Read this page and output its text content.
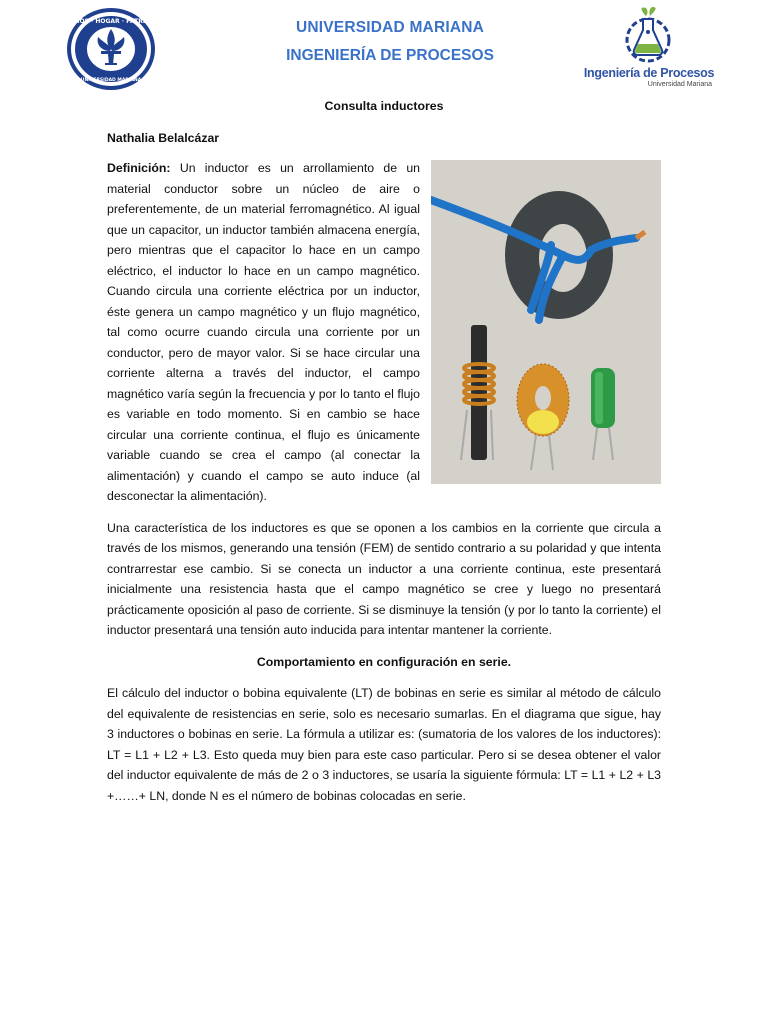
DIOS · HOGAR · PATRIA
UNIVERSIDAD MARIANA
UNIVERSIDAD MARIANA
INGENIERÍA DE PROCESOS
Ingeniería de Procesos
Universidad Mariana

Consulta inductores

Nathalia Belalcázar

Definición: Un inductor es un arrollamiento de un material conductor sobre un núcleo de aire o preferentemente, de un material ferromagnético. Al igual que un capacitor, un inductor también almacena energía, pero mientras que el capacitor lo hace en un campo eléctrico, el inductor lo hace en un campo magnético. Cuando circula una corriente eléctrica por un inductor, éste genera un campo magnético y un flujo magnético, tal como ocurre cuando circula una corriente por un conductor, pero de mayor valor. Si se hace circular una corriente alterna a través del inductor, el campo magnético varía según la frecuencia y por lo tanto el flujo es variable en todo momento. Si en cambio se hace circular una corriente continua, el flujo es únicamente variable cuando se crea el campo (al conectar la alimentación) y cuando el campo se auto induce (al desconectar la alimentación).

Una característica de los inductores es que se oponen a los cambios en la corriente que circula a través de los mismos, generando una tensión (FEM) de sentido contrario a su polaridad y que intenta contrarrestar ese cambio. Si se conecta un inductor a una corriente continua, este presentará inicialmente una resistencia hasta que el campo magnético se cree y luego no presentará prácticamente oposición al paso de corriente. Si se disminuye la tensión (y por lo tanto la corriente) el inductor presentará una tensión auto inducida para intentar mantener la corriente.

Comportamiento en configuración en serie.

El cálculo del inductor o bobina equivalente (LT) de bobinas en serie es similar al método de cálculo del equivalente de resistencias en serie, solo es necesario sumarlas. En el diagrama que sigue, hay 3 inductores o bobinas en serie. La fórmula a utilizar es: (sumatoria de los valores de los inductores): LT = L1 + L2 + L3. Esto queda muy bien para este caso particular. Pero si se desea obtener el valor del inductor equivalente de más de 2 o 3 inductores, se usaría la siguiente fórmula: LT = L1 + L2 + L3 +……+ LN, donde N es el número de bobinas colocadas en serie.
